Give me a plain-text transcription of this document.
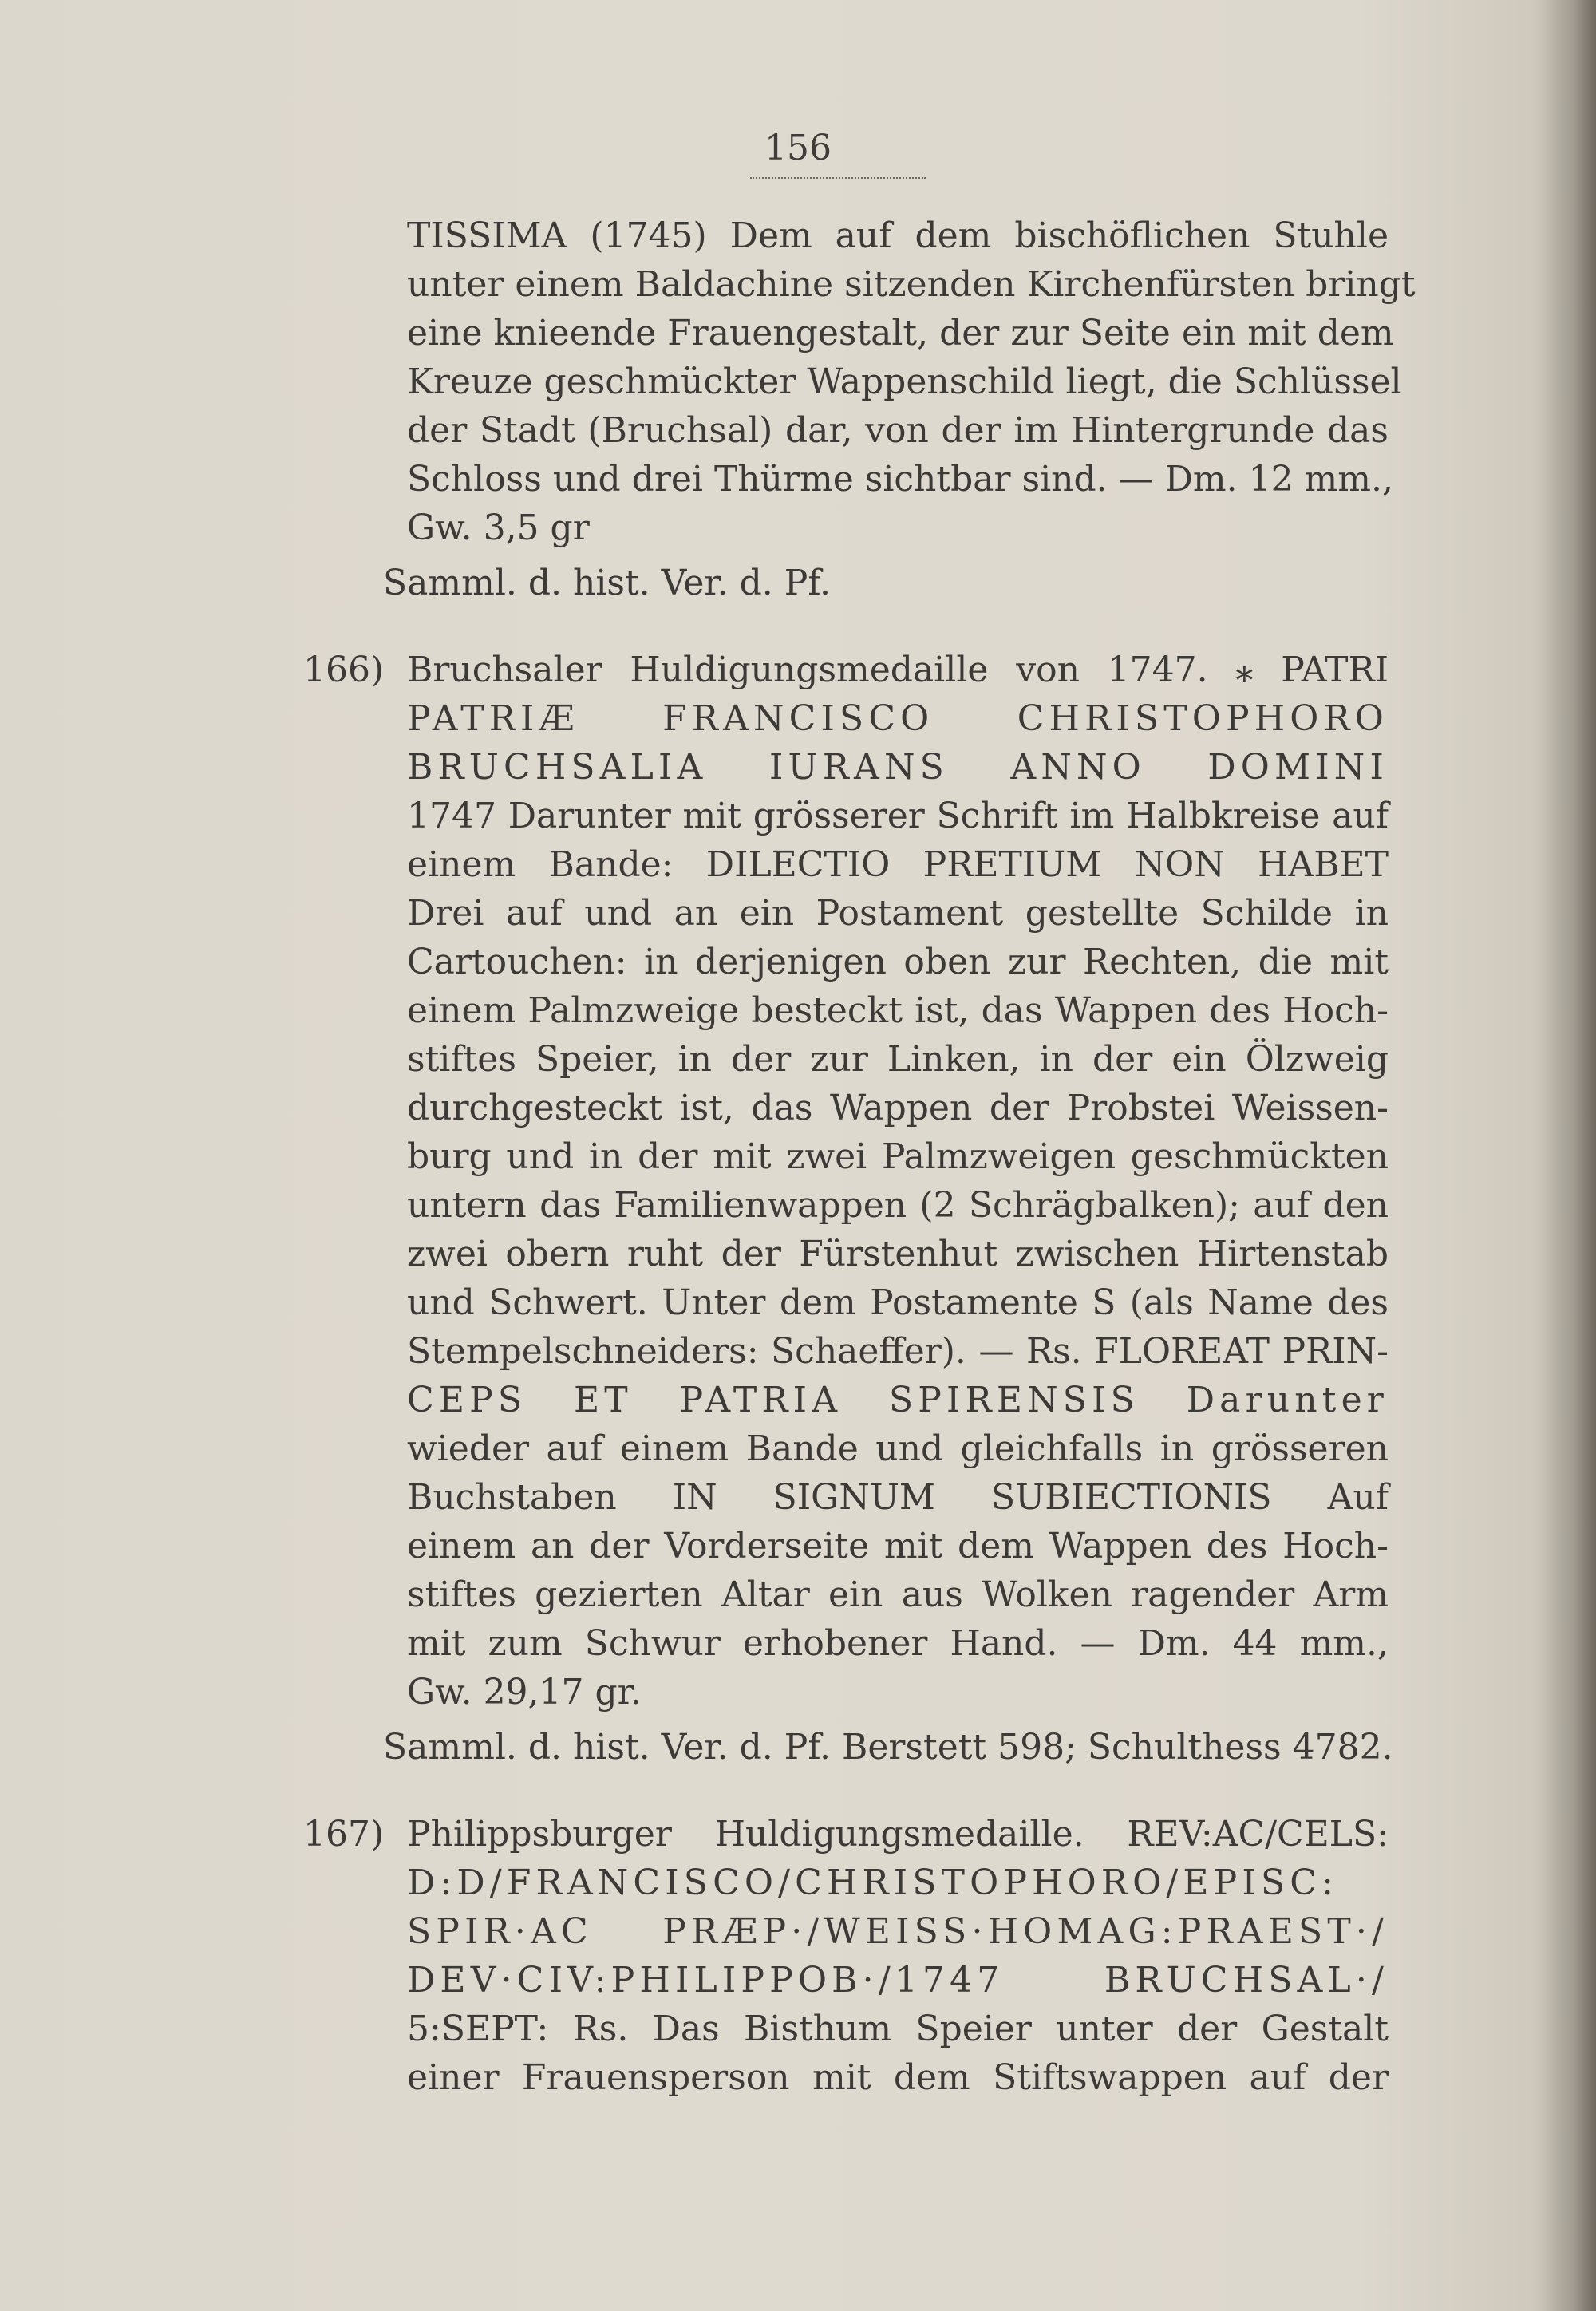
156
TISSIMA (1745) Dem auf dem bischöflichen Stuhle
unter einem Baldachine sitzenden Kirchenfürsten bringt
eine knieende Frauengestalt, der zur Seite ein mit dem
Kreuze geschmückter Wappenschild liegt, die Schlüssel
der Stadt (Bruchsal) dar, von der im Hintergrunde das
Schloss und drei Thürme sichtbar sind. — Dm. 12 mm.,
Gw. 3,5 gr
Samml. d. hist. Ver. d. Pf.
166) Bruchsaler Huldigungsmedaille von 1747. ⁎ PATRI
PATRIÆ FRANCISCO CHRISTOPHORO
BRUCHSALIA IURANS ANNO DOMINI
1747 Darunter mit grösserer Schrift im Halbkreise auf
einem Bande: DILECTIO PRETIUM NON HABET
Drei auf und an ein Postament gestellte Schilde in
Cartouchen: in derjenigen oben zur Rechten, die mit
einem Palmzweige besteckt ist, das Wappen des Hoch-
stiftes Speier, in der zur Linken, in der ein Ölzweig
durchgesteckt ist, das Wappen der Probstei Weissen-
burg und in der mit zwei Palmzweigen geschmückten
untern das Familienwappen (2 Schrägbalken); auf den
zwei obern ruht der Fürstenhut zwischen Hirtenstab
und Schwert. Unter dem Postamente S (als Name des
Stempelschneiders: Schaeffer). — Rs. FLOREAT PRIN-
CEPS ET PATRIA SPIRENSIS Darunter
wieder auf einem Bande und gleichfalls in grösseren
Buchstaben IN SIGNUM SUBIECTIONIS Auf
einem an der Vorderseite mit dem Wappen des Hoch-
stiftes gezierten Altar ein aus Wolken ragender Arm
mit zum Schwur erhobener Hand. — Dm. 44 mm.,
Gw. 29,17 gr.
Samml. d. hist. Ver. d. Pf. Berstett 598; Schulthess 4782.
167) Philippsburger Huldigungsmedaille. REV:AC/CELS:
D:D/FRANCISCO/CHRISTOPHORO/EPISC:
SPIR·AC PRÆP·/WEISS·HOMAG:PRAEST·/
DEV·CIV:PHILIPPOB·/1747 BRUCHSAL·/
5:SEPT: Rs. Das Bisthum Speier unter der Gestalt
einer Frauensperson mit dem Stiftswappen auf der
